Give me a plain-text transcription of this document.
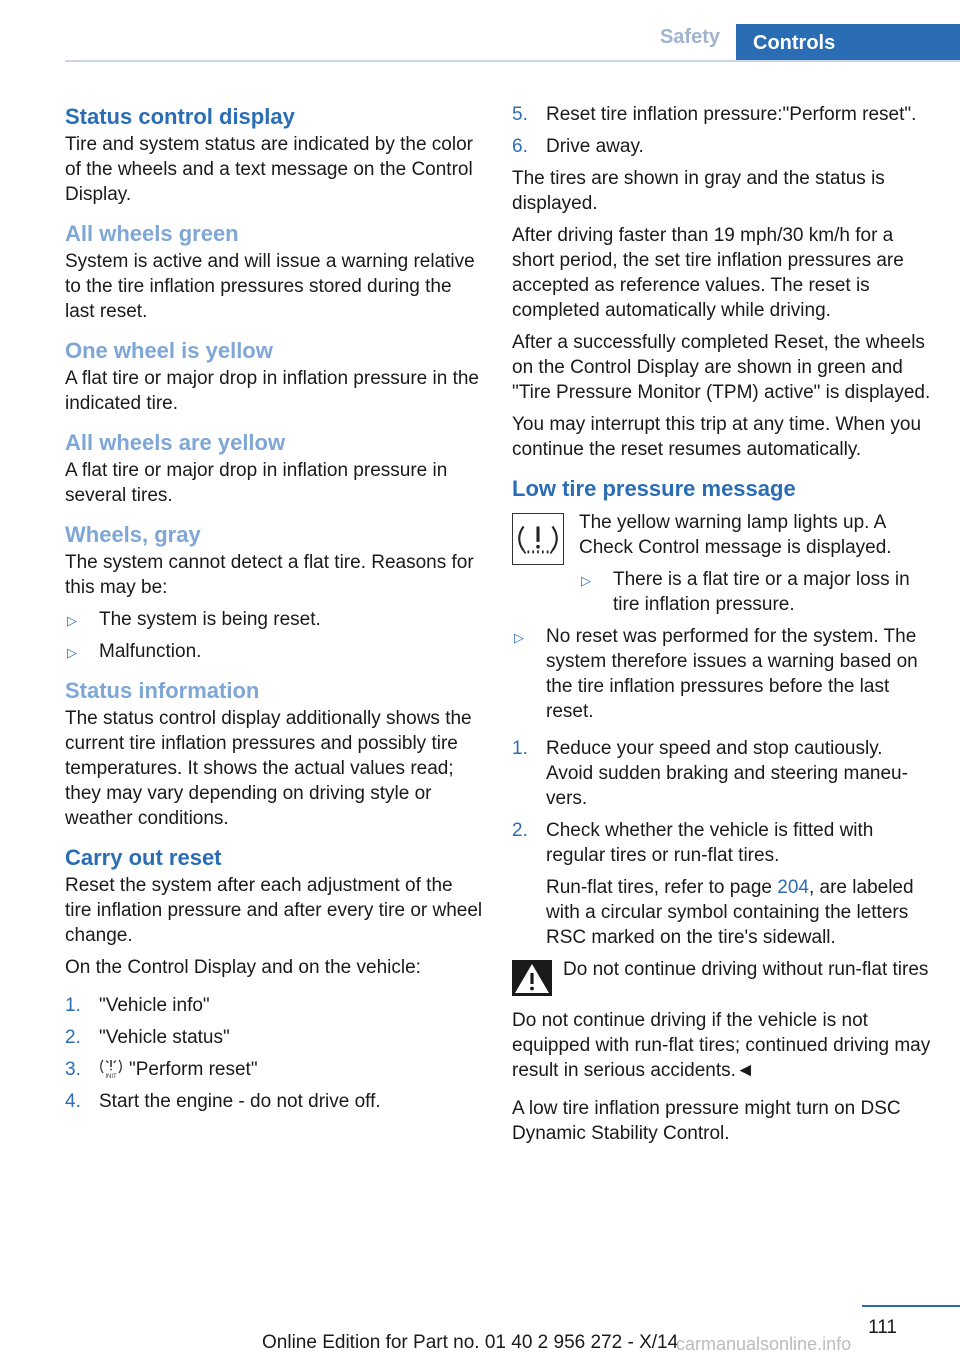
Safety	Controls
Status control display

Tire and system status are indicated by the color of the wheels and a text message on the Control Display.

All wheels green

System is active and will issue a warning relative to the tire inflation pressures stored during the last reset.

One wheel is yellow

A flat tire or major drop in inflation pressure in the indicated tire.

All wheels are yellow

A flat tire or major drop in inflation pressure in several tires.

Wheels, gray

The system cannot detect a flat tire. Reasons for this may be:

▷ The system is being reset.
▷ Malfunction.
Status information

The status control display additionally shows the current tire inflation pressures and possibly tire temperatures. It shows the actual values read; they may vary depending on driving style or weather conditions.

Carry out reset

Reset the system after each adjustment of the tire inflation pressure and after every tire or wheel change.

On the Control Display and on the vehicle:

1. "Vehicle info"
2. "Vehicle status"
3.	INIT "Perform reset"
4. Start the engine - do not drive off.
5. Reset tire inflation pressure:"Perform reset".
6. Drive away.

The tires are shown in gray and the status is displayed.

After driving faster than 19 mph/30 km/h for a short period, the set tire inflation pressures are accepted as reference values. The reset is completed automatically while driving.

After a successfully completed Reset, the wheels on the Control Display are shown in green and "Tire Pressure Monitor (TPM) active" is displayed.

You may interrupt this trip at any time. When you continue the reset resumes automatically.

Low tire pressure message

The yellow warning lamp lights up. A Check Control message is displayed.

▷ There is a flat tire or a major loss in tire inflation pressure.
▷ No reset was performed for the system. The system therefore issues a warning based on the tire inflation pressures before the last reset.
1. Reduce your speed and stop cautiously. Avoid sudden braking and steering maneuvers.
2. Check whether the vehicle is fitted with regular tires or run-flat tires.

Run-flat tires, refer to page 204, are labeled with a circular symbol containing the letters RSC marked on the tire's sidewall.

Do not continue driving without run-flat tires

Do not continue driving if the vehicle is not equipped with run-flat tires; continued driving may result in serious accidents.◄

A low tire inflation pressure might turn on DSC Dynamic Stability Control.

111
Online Edition for Part no. 01 40 2 956 272 - X/14
carmanualsonline.info
